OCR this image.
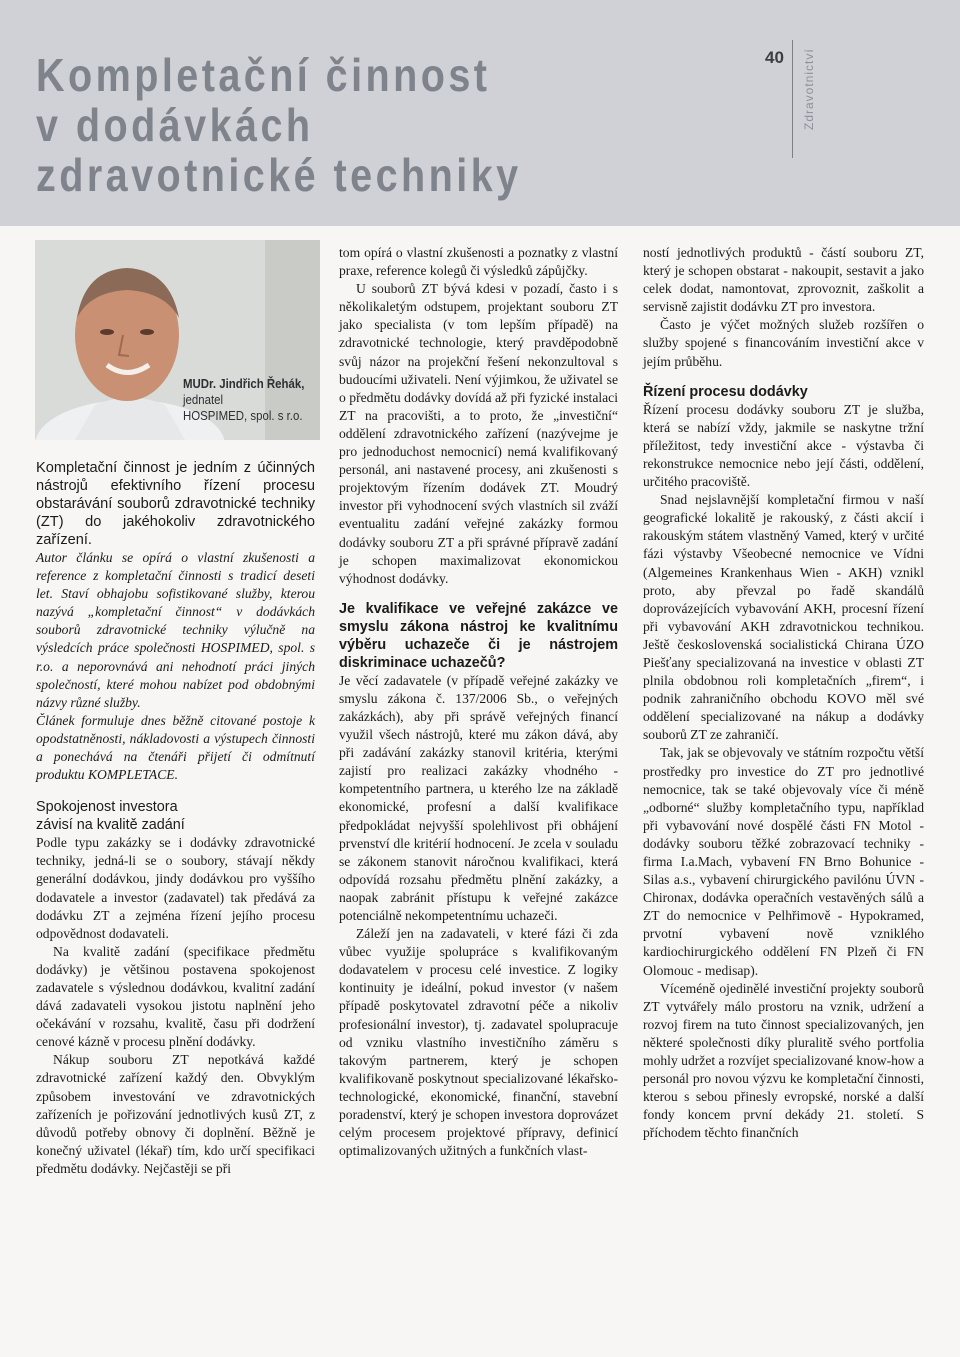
Kompletační činnost
v dodávkách
zdravotnické techniky
40 Zdravotnictví
MUDr. Jindřich Řehák,
jednatel
HOSPIMED, spol. s r.o.

Kompletační činnost je jedním z účinných nástrojů efektivního řízení procesu obstarávání souborů zdravotnické techniky (ZT) do jakéhokoliv zdravotnického zařízení.

Autor článku se opírá o vlastní zkušenosti a reference z kompletační činnosti s tradicí deseti let. Staví obhajobu sofistikované služby, kterou nazývá „kompletační činnost“ v dodávkách souborů zdravotnické techniky výlučně na výsledcích práce společnosti HOSPIMED, spol. s r.o. a neporovnává ani nehodnotí práci jiných společností, které mohou nabízet pod obdobnými názvy různé služby.

Článek formuluje dnes běžně citované postoje k opodstatněnosti, nákladovosti a výstupech činnosti a ponechává na čtenáři přijetí či odmítnutí produktu KOMPLETACE.

Spokojenost investora
závisí na kvalitě zadání

Podle typu zakázky se i dodávky zdravotnické techniky, jedná-li se o soubory, stávají někdy generální dodávkou, jindy dodávkou pro vyššího dodavatele a investor (zadavatel) tak předává za dodávku ZT a zejména řízení jejího procesu odpovědnost dodavateli.

Na kvalitě zadání (specifikace předmětu dodávky) je většinou postavena spokojenost zadavatele s výslednou dodávkou, kvalitní zadání dává zadavateli vysokou jistotu naplnění jeho očekávání v rozsahu, kvalitě, času při dodržení cenové kázně v procesu plnění dodávky.

Nákup souboru ZT nepotkává každé zdravotnické zařízení každý den. Obvyklým způsobem investování ve zdravotnických zařízeních je pořizování jednotlivých kusů ZT, z důvodů potřeby obnovy či doplnění. Běžně je konečný uživatel (lékař) tím, kdo určí specifikaci předmětu dodávky. Nejčastěji se při

tom opírá o vlastní zkušenosti a poznatky z vlastní praxe, reference kolegů či výsledků zápůjčky.

U souborů ZT bývá kdesi v pozadí, často i s několikaletým odstupem, projektant souboru ZT jako specialista (v tom lepším případě) na zdravotnické technologie, který pravděpodobně svůj názor na projekční řešení nekonzultoval s budoucími uživateli. Není výjimkou, že uživatel se o předmětu dodávky dovídá až při fyzické instalaci ZT na pracovišti, a to proto, že „investiční“ oddělení zdravotnického zařízení (nazývejme je pro jednoduchost nemocnicí) nemá kvalifikovaný personál, ani nastavené procesy, ani zkušenosti s projektovým řízením dodávek ZT. Moudrý investor při vyhodnocení svých vlastních sil zváží eventualitu zadání veřejné zakázky formou dodávky souboru ZT a při správné přípravě zadání je schopen maximalizovat ekonomickou výhodnost dodávky.

Je kvalifikace ve veřejné zakázce ve smyslu zákona nástroj ke kvalitnímu výběru uchazeče či je nástrojem diskriminace uchazečů?

Je věcí zadavatele (v případě veřejné zakázky ve smyslu zákona č. 137/2006 Sb., o veřejných zakázkách), aby při správě veřejných financí využil všech nástrojů, které mu zákon dává, aby při zadávání zakázky stanovil kritéria, kterými zajistí pro realizaci zakázky vhodného - kompetentního partnera, u kterého lze na základě ekonomické, profesní a další kvalifikace předpokládat nejvyšší spolehlivost při obhájení prvenství dle kritérií hodnocení. Je zcela v souladu se zákonem stanovit náročnou kvalifikaci, která odpovídá rozsahu předmětu plnění zakázky, a naopak zabránit přístupu k veřejné zakázce potenciálně nekompetentnímu uchazeči.

Záleží jen na zadavateli, v které fázi či zda vůbec využije spolupráce s kvalifikovaným dodavatelem v procesu celé investice. Z logiky kontinuity je ideální, pokud investor (v našem případě poskytovatel zdravotní péče a nikoliv profesionální investor), tj. zadavatel spolupracuje od vzniku vlastního investičního záměru s takovým partnerem, který je schopen kvalifikovaně poskytnout specializované lékařsko-technologické, ekonomické, finanční, stavební poradenství, který je schopen investora doprovázet celým procesem projektové přípravy, definicí optimalizovaných užitných a funkčních vlast-

ností jednotlivých produktů - částí souboru ZT, který je schopen obstarat - nakoupit, sestavit a jako celek dodat, namontovat, zprovoznit, zaškolit a servisně zajistit dodávku ZT pro investora.

Často je výčet možných služeb rozšířen o služby spojené s financováním investiční akce v jejím průběhu.

Řízení procesu dodávky

Řízení procesu dodávky souboru ZT je služba, která se nabízí vždy, jakmile se naskytne tržní příležitost, tedy investiční akce - výstavba či rekonstrukce nemocnice nebo její části, oddělení, určitého pracoviště.

Snad nejslavnější kompletační firmou v naší geografické lokalitě je rakouský, z části akcií i rakouským státem vlastněný Vamed, který v určité fázi výstavby Všeobecné nemocnice ve Vídni (Algemeines Krankenhaus Wien - AKH) vznikl proto, aby převzal po řadě skandálů doprovázejících vybavování AKH, procesní řízení při vybavování AKH zdravotnickou technikou. Ještě československá socialistická Chirana ÚZO Piešťany specializovaná na investice v oblasti ZT plnila obdobnou roli kompletačních „firem“, i podnik zahraničního obchodu KOVO měl své oddělení specializované na nákup a dodávky souborů ZT ze zahraničí.

Tak, jak se objevovaly ve státním rozpočtu větší prostředky pro investice do ZT pro jednotlivé nemocnice, tak se také objevovaly více či méně „odborné“ služby kompletačního typu, například při vybavování nové dospělé části FN Motol - dodávky souboru těžké zobrazovací techniky - firma I.a.Mach, vybavení FN Brno Bohunice - Silas a.s., vybavení chirurgického pavilónu ÚVN - Chironax, dodávka operačních vestavěných sálů a ZT do nemocnice v Pelhřimově - Hypokramed, prvotní vybavení nově vzniklého kardiochirurgického oddělení FN Plzeň či FN Olomouc - medisap).

Víceméně ojedinělé investiční projekty souborů ZT vytvářely málo prostoru na vznik, udržení a rozvoj firem na tuto činnost specializovaných, jen některé společnosti díky pluralitě svého portfolia mohly udržet a rozvíjet specializované know-how a personál pro novou výzvu ke kompletační činnosti, kterou s sebou přinesly evropské, norské a další fondy koncem první dekády 21. století. S příchodem těchto finančních
